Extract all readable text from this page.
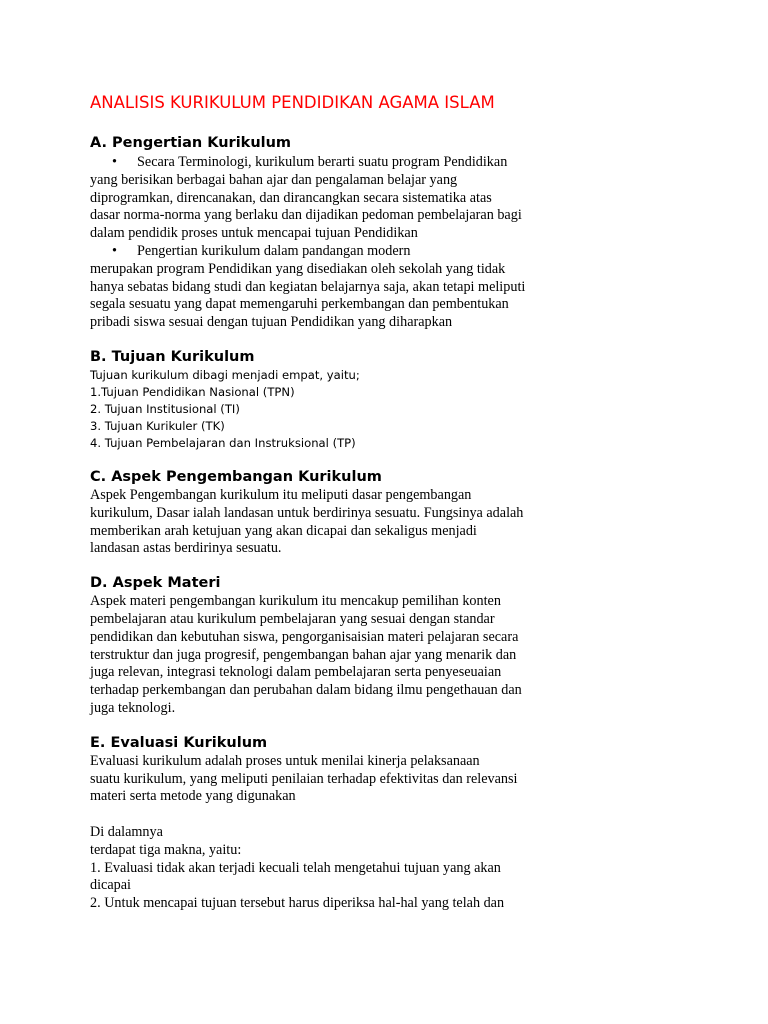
ANALISIS KURIKULUM PENDIDIKAN AGAMA ISLAM
A. Pengertian Kurikulum
• Secara Terminologi, kurikulum berarti suatu program Pendidikan
yang berisikan berbagai bahan ajar dan pengalaman belajar yang
diprogramkan, direncanakan, dan dirancangkan secara sistematika atas
dasar norma-norma yang berlaku dan dijadikan pedoman pembelajaran bagi
dalam pendidik proses untuk mencapai tujuan Pendidikan
• Pengertian kurikulum dalam pandangan modern
merupakan program Pendidikan yang disediakan oleh sekolah yang tidak
hanya sebatas bidang studi dan kegiatan belajarnya saja, akan tetapi meliputi
segala sesuatu yang dapat memengaruhi perkembangan dan pembentukan
pribadi siswa sesuai dengan tujuan Pendidikan yang diharapkan
B. Tujuan Kurikulum
Tujuan kurikulum dibagi menjadi empat, yaitu;
1.Tujuan Pendidikan Nasional (TPN)
2. Tujuan Institusional (TI)
3. Tujuan Kurikuler (TK)
4. Tujuan Pembelajaran dan Instruksional (TP)
C. Aspek Pengembangan Kurikulum
Aspek Pengembangan kurikulum itu meliputi dasar pengembangan
kurikulum, Dasar ialah landasan untuk berdirinya sesuatu. Fungsinya adalah
memberikan arah ketujuan yang akan dicapai dan sekaligus menjadi
landasan astas berdirinya sesuatu.
D. Aspek Materi
Aspek materi pengembangan kurikulum itu mencakup pemilihan konten
pembelajaran atau kurikulum pembelajaran yang sesuai dengan standar
pendidikan dan kebutuhan siswa, pengorganisaisian materi pelajaran secara
terstruktur dan juga progresif, pengembangan bahan ajar yang menarik dan
juga relevan, integrasi teknologi dalam pembelajaran serta penyeseuaian
terhadap perkembangan dan perubahan dalam bidang ilmu pengethauan dan
juga teknologi.
E. Evaluasi Kurikulum
Evaluasi kurikulum adalah proses untuk menilai kinerja pelaksanaan
suatu kurikulum, yang meliputi penilaian terhadap efektivitas dan relevansi
materi serta metode yang digunakan
Di dalamnya
terdapat tiga makna, yaitu:
1. Evaluasi tidak akan terjadi kecuali telah mengetahui tujuan yang akan
dicapai
2. Untuk mencapai tujuan tersebut harus diperiksa hal-hal yang telah dan
